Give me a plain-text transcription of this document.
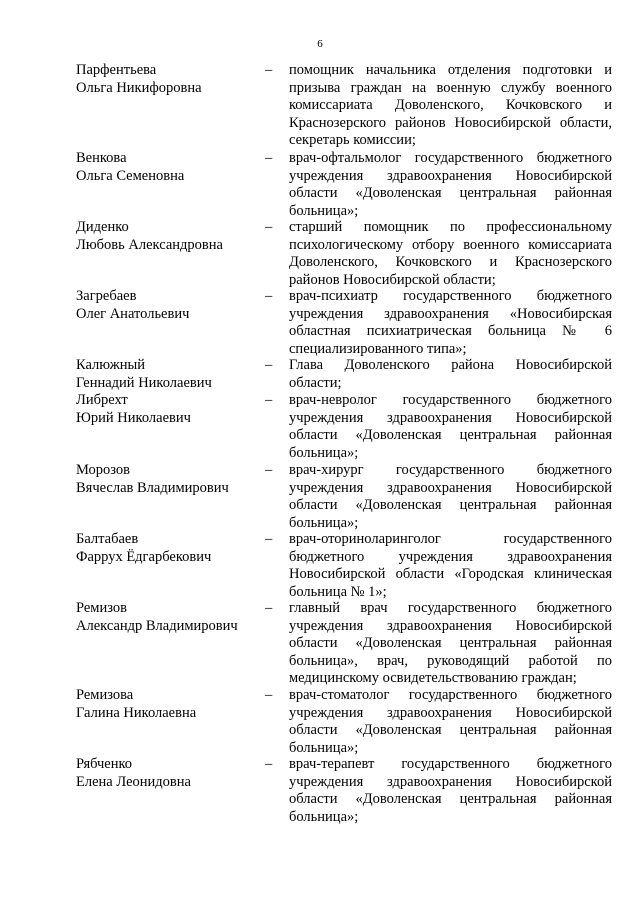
6
Парфентьева
Ольга Никифоровна
– помощник начальника отделения подготовки и
призыва граждан на военную службу военного
комиссариата Доволенского, Кочковского и
Краснозерского районов Новосибирской области,
секретарь комиссии;
Венкова
Ольга Семеновна
– врач-офтальмолог государственного бюджетного
учреждения здравоохранения Новосибирской
области «Доволенская центральная районная
больница»;
Диденко
Любовь Александровна
– старший помощник по профессиональному
психологическому отбору военного комиссариата
Доволенского, Кочковского и Краснозерского
районов Новосибирской области;
Загребаев
Олег Анатольевич
– врач-психиатр государственного бюджетного
учреждения здравоохранения «Новосибирская
областная психиатрическая больница № 6
специализированного типа»;
Калюжный
Геннадий Николаевич
– Глава Доволенского района Новосибирской
области;
Либрехт
Юрий Николаевич
– врач-невролог государственного бюджетного
учреждения здравоохранения Новосибирской
области «Доволенская центральная районная
больница»;
Морозов
Вячеслав Владимирович
– врач-хирург государственного бюджетного
учреждения здравоохранения Новосибирской
области «Доволенская центральная районная
больница»;
Балтабаев
Фаррух Ёдгарбекович
– врач-оториноларинголог государственного
бюджетного учреждения здравоохранения
Новосибирской области «Городская клиническая
больница № 1»;
Ремизов
Александр Владимирович
– главный врач государственного бюджетного
учреждения здравоохранения Новосибирской
области «Доволенская центральная районная
больница», врач, руководящий работой по
медицинскому освидетельствованию граждан;
Ремизова
Галина Николаевна
– врач-стоматолог государственного бюджетного
учреждения здравоохранения Новосибирской
области «Доволенская центральная районная
больница»;
Рябченко
Елена Леонидовна
– врач-терапевт государственного бюджетного
учреждения здравоохранения Новосибирской
области «Доволенская центральная районная
больница»;
